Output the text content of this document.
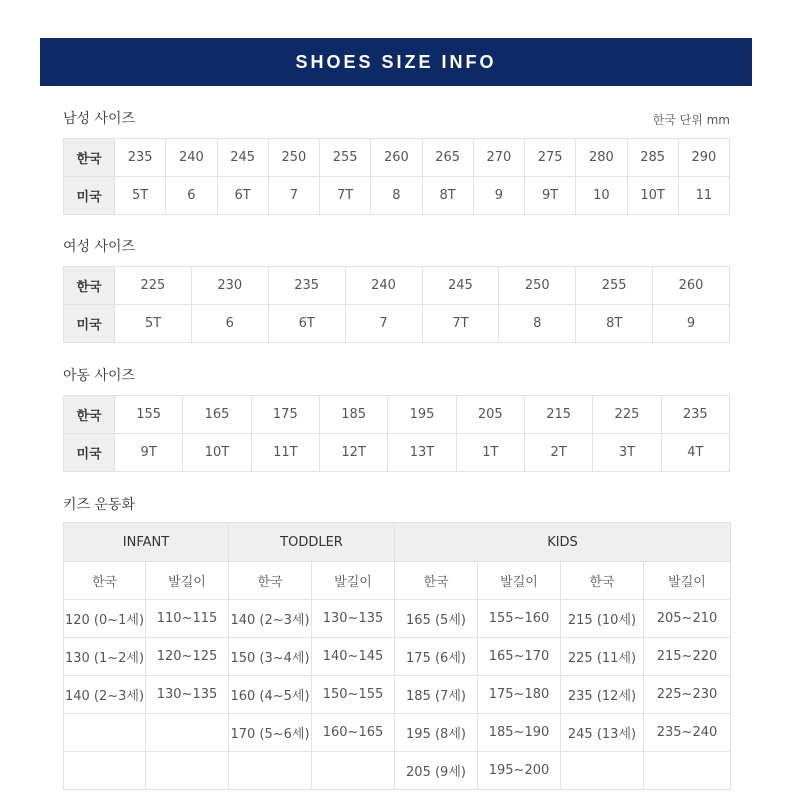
SHOES SIZE INFO
남성 사이즈	한국 단위 mm
한국	235	240	245	250	255	260	265	270	275	280	285	290
미국	5T	6	6T	7	7T	8	8T	9	9T	10	10T	11
여성 사이즈
한국	225	230	235	240	245	250	255	260
미국	5T	6	6T	7	7T	8	8T	9
아동 사이즈
한국	155	165	175	185	195	205	215	225	235
미국	9T	10T	11T	12T	13T	1T	2T	3T	4T
키즈 운동화
INFANT		TODDLER		KIDS			
한국	발길이	한국	발길이	한국	발길이	한국	발길이
120 (0~1세)	110~115	140 (2~3세)	130~135	165 (5세)	155~160	215 (10세)	205~210
130 (1~2세)	120~125	150 (3~4세)	140~145	175 (6세)	165~170	225 (11세)	215~220
140 (2~3세)	130~135	160 (4~5세)	150~155	185 (7세)	175~180	235 (12세)	225~230
		170 (5~6세)	160~165	195 (8세)	185~190	245 (13세)	235~240
				205 (9세)	195~200		
